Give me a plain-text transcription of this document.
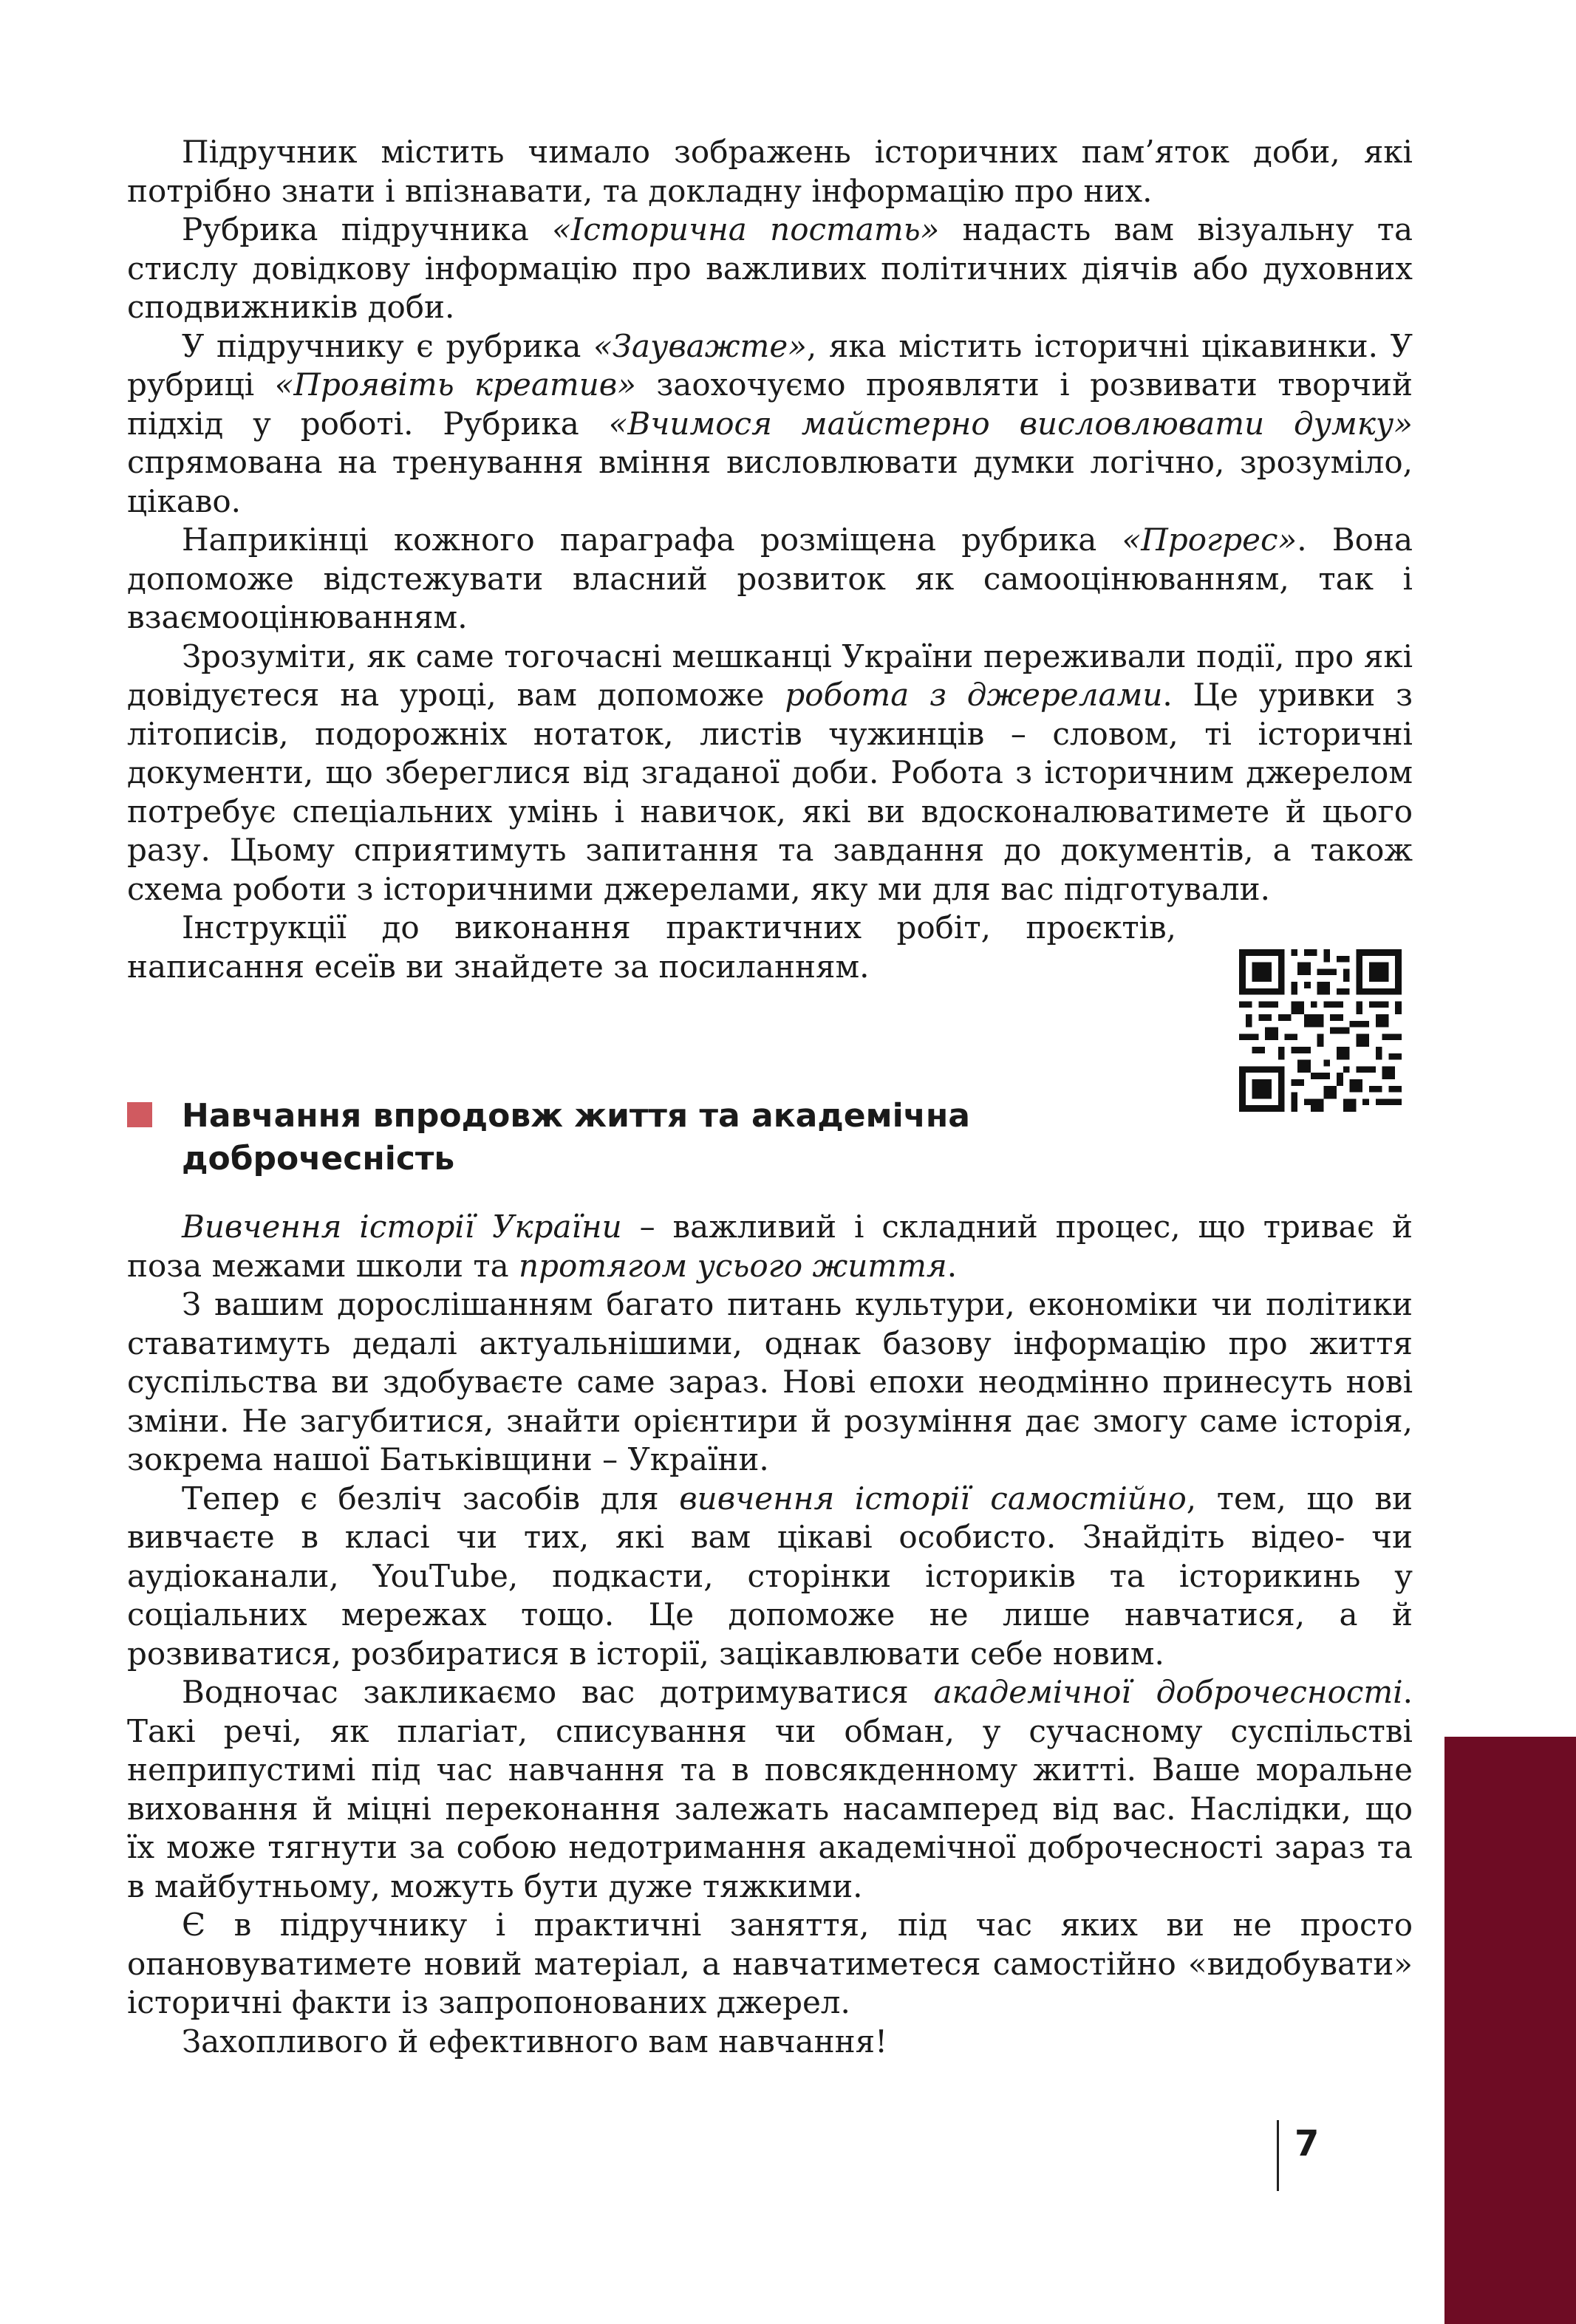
Підручник містить чимало зображень історичних пам’яток доби, які потрібно знати і впізнавати, та докладну інформацію про них.

Рубрика підручника «Історична постать» надасть вам візуальну та стислу довідкову інформацію про важливих політичних діячів або духовних сподвижників доби.

У підручнику є рубрика «Зауважте», яка містить історичні цікавинки. У рубриці «Проявіть креатив» заохочуємо проявляти і розвивати творчий підхід у роботі. Рубрика «Вчимося майстерно висловлювати думку» спрямована на тренування вміння висловлювати думки логічно, зрозуміло, цікаво.

Наприкінці кожного параграфа розміщена рубрика «Прогрес». Вона допоможе відстежувати власний розвиток як самооцінюванням, так і взаємооцінюванням.

Зрозуміти, як саме тогочасні мешканці України переживали події, про які довідуєтеся на уроці, вам допоможе робота з джерелами. Це уривки з літописів, подорожніх нотаток, листів чужинців – словом, ті історичні документи, що збереглися від згаданої доби. Робота з історичним джерелом потребує спеціальних умінь і навичок, які ви вдосконалюватимете й цього разу. Цьому сприятимуть запитання та завдання до документів, а також схема роботи з історичними джерелами, яку ми для вас підготували.

Інструкції до виконання практичних робіт, проєктів, написання есеїв ви знайдете за посиланням.

Навчання впродовж життя та академічна доброчесність

Вивчення історії України – важливий і складний процес, що триває й поза межами школи та протягом усього життя.

З вашим дорослішанням багато питань культури, економіки чи політики ставатимуть дедалі актуальнішими, однак базову інформацію про життя суспільства ви здобуваєте саме зараз. Нові епохи неодмінно принесуть нові зміни. Не загубитися, знайти орієнтири й розуміння дає змогу саме історія, зокрема нашої Батьківщини – України.

Тепер є безліч засобів для вивчення історії самостійно, тем, що ви вивчаєте в класі чи тих, які вам цікаві особисто. Знайдіть відео- чи аудіоканали, YouTube, подкасти, сторінки істориків та історикинь у соціальних мережах тощо. Це допоможе не лише навчатися, а й розвиватися, розбиратися в історії, зацікавлювати себе новим.

Водночас закликаємо вас дотримуватися академічної доброчесності. Такі речі, як плагіат, списування чи обман, у сучасному суспільстві неприпустимі під час навчання та в повсякденному житті. Ваше моральне виховання й міцні переконання залежать насамперед від вас. Наслідки, що їх може тягнути за собою недотримання академічної доброчесності зараз та в майбутньому, можуть бути дуже тяжкими.

Є в підручнику і практичні заняття, під час яких ви не просто опановуватимете новий матеріал, а навчатиметеся самостійно «видобувати» історичні факти із запропонованих джерел.

Захопливого й ефективного вам навчання!

7
